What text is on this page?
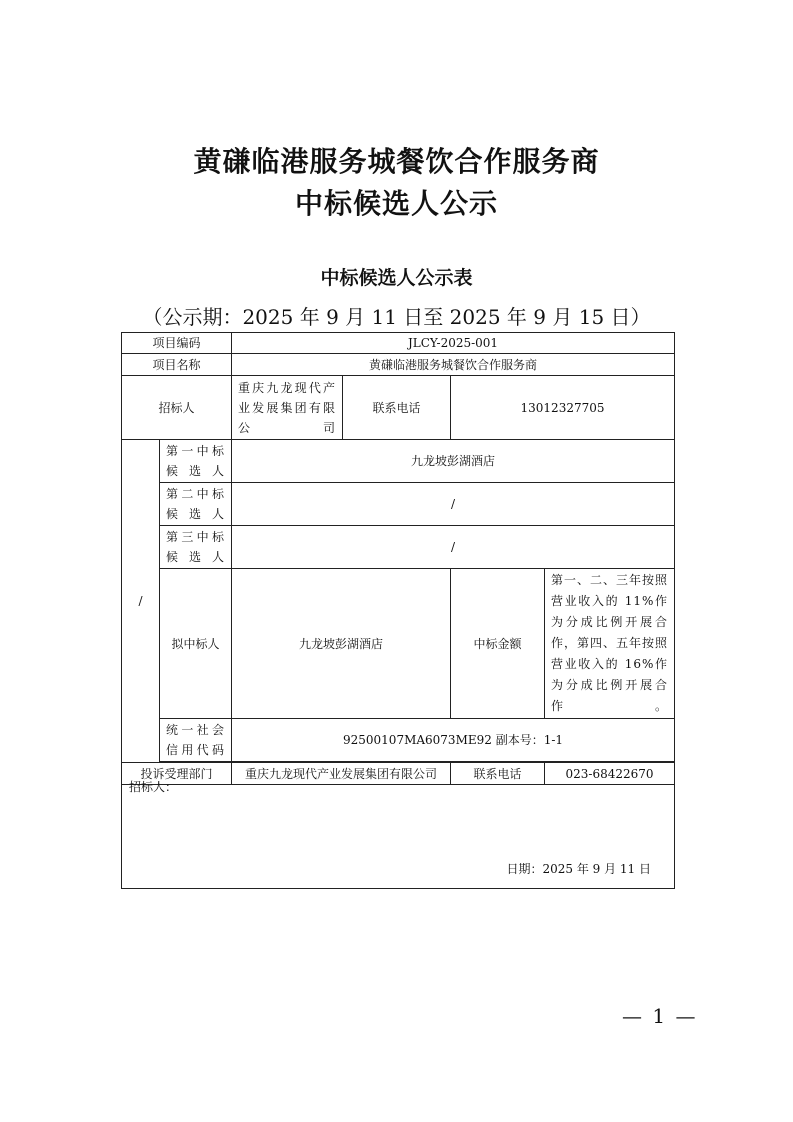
黄磏临港服务城餐饮合作服务商
中标候选人公示
中标候选人公示表
（公示期：2025 年 9 月 11 日至 2025 年 9 月 15 日）
项目编码		JLCY-2025-001			
项目名称		黄磏临港服务城餐饮合作服务商			
招标人		重庆九龙现代产业发展集团有限公司	联系电话	13012327705	
/	第一中标候选人	九龙坡彭湖酒店			
	第二中标候选人	/			
	第三中标候选人	/			
	拟中标人	九龙坡彭湖酒店		中标金额	第一、二、三年按照营业收入的 11%作为分成比例开展合作，第四、五年按照营业收入的 16%作为分成比例开展合作。
	统一社会信用代码	92500107MA6073ME92 副本号：1-1			

投诉受理部门		重庆九龙现代产业发展集团有限公司		联系电话	023-68422670

招标人：
日期：2025 年 9 月 11 日
— 1 —
